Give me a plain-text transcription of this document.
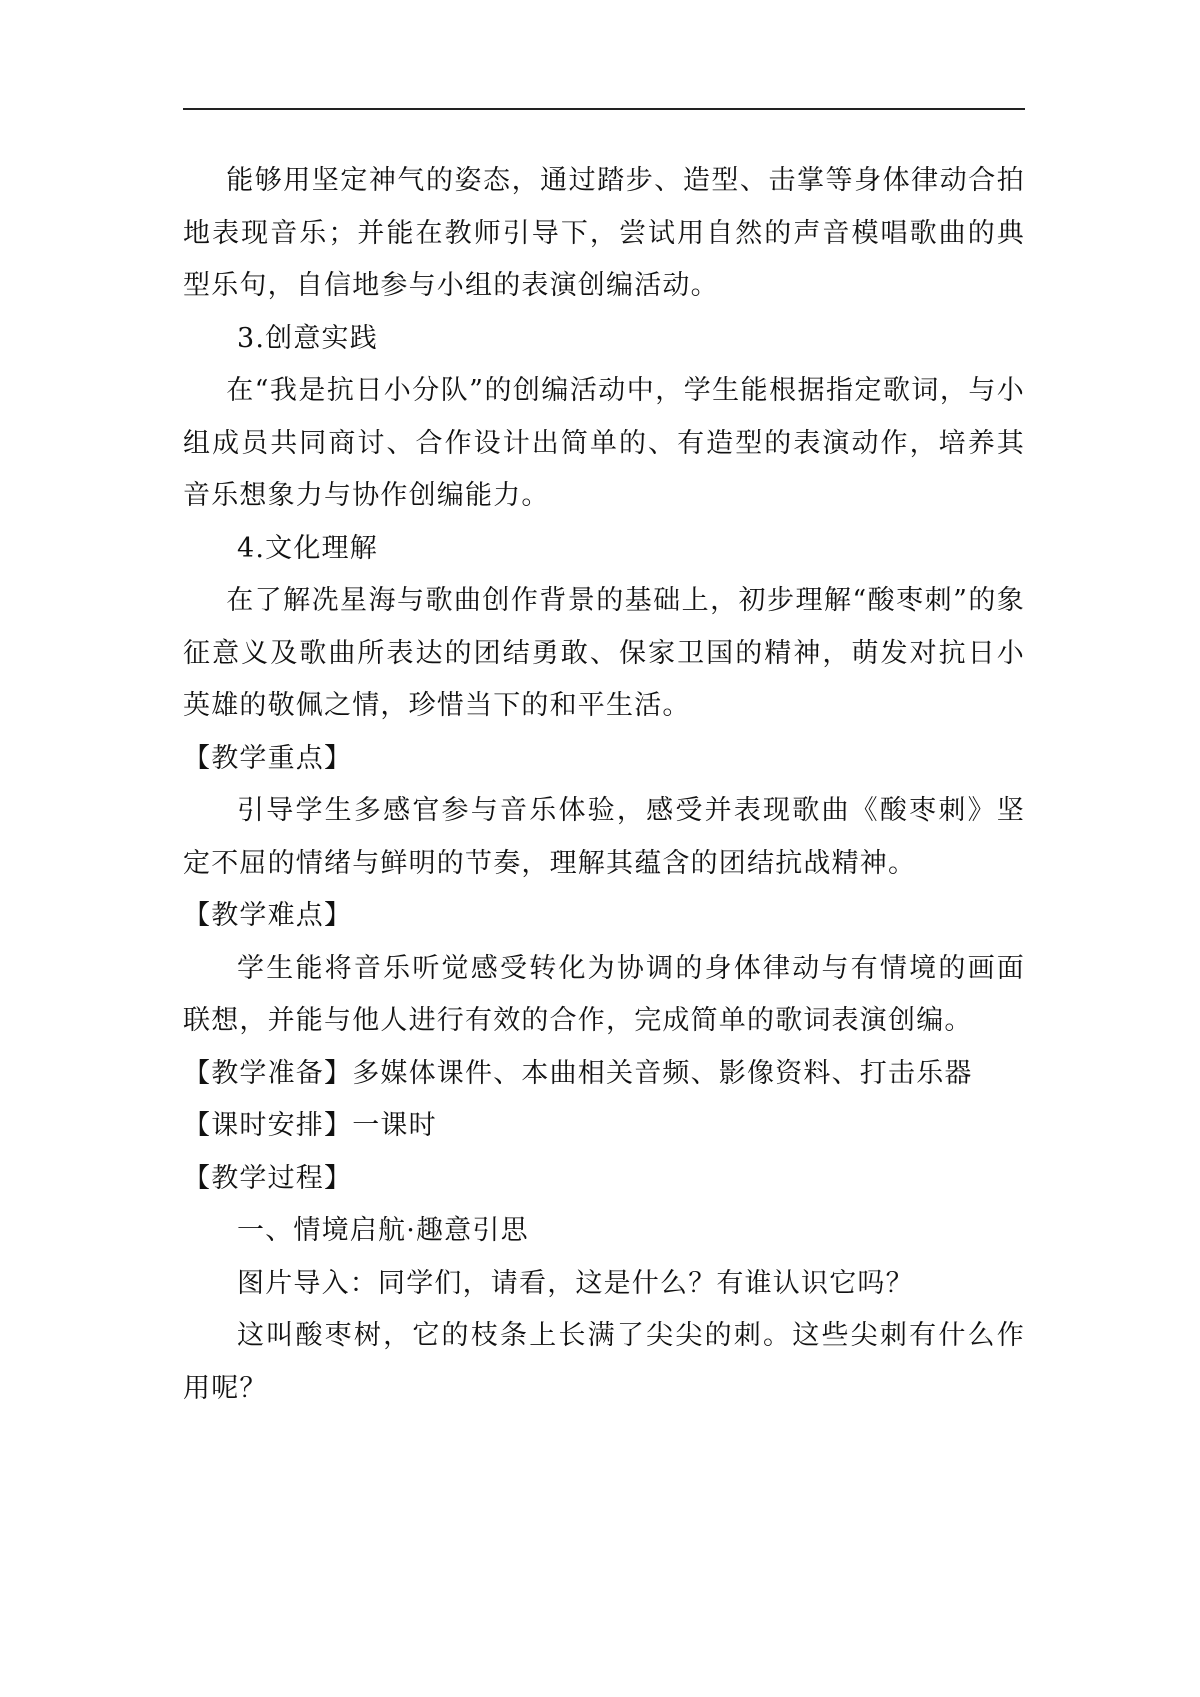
能够用坚定神气的姿态，通过踏步、造型、击掌等身体律动合拍地表现音乐；并能在教师引导下，尝试用自然的声音模唱歌曲的典型乐句，自信地参与小组的表演创编活动。

3.创意实践

在“我是抗日小分队”的创编活动中，学生能根据指定歌词，与小组成员共同商讨、合作设计出简单的、有造型的表演动作，培养其音乐想象力与协作创编能力。

4.文化理解

在了解冼星海与歌曲创作背景的基础上，初步理解“酸枣刺”的象征意义及歌曲所表达的团结勇敢、保家卫国的精神，萌发对抗日小英雄的敬佩之情，珍惜当下的和平生活。

【教学重点】

引导学生多感官参与音乐体验，感受并表现歌曲《酸枣刺》坚定不屈的情绪与鲜明的节奏，理解其蕴含的团结抗战精神。

【教学难点】

学生能将音乐听觉感受转化为协调的身体律动与有情境的画面联想，并能与他人进行有效的合作，完成简单的歌词表演创编。

【教学准备】多媒体课件、本曲相关音频、影像资料、打击乐器

【课时安排】一课时

【教学过程】

一、情境启航·趣意引思

图片导入：同学们，请看，这是什么？有谁认识它吗？

这叫酸枣树，它的枝条上长满了尖尖的刺。这些尖刺有什么作用呢？
